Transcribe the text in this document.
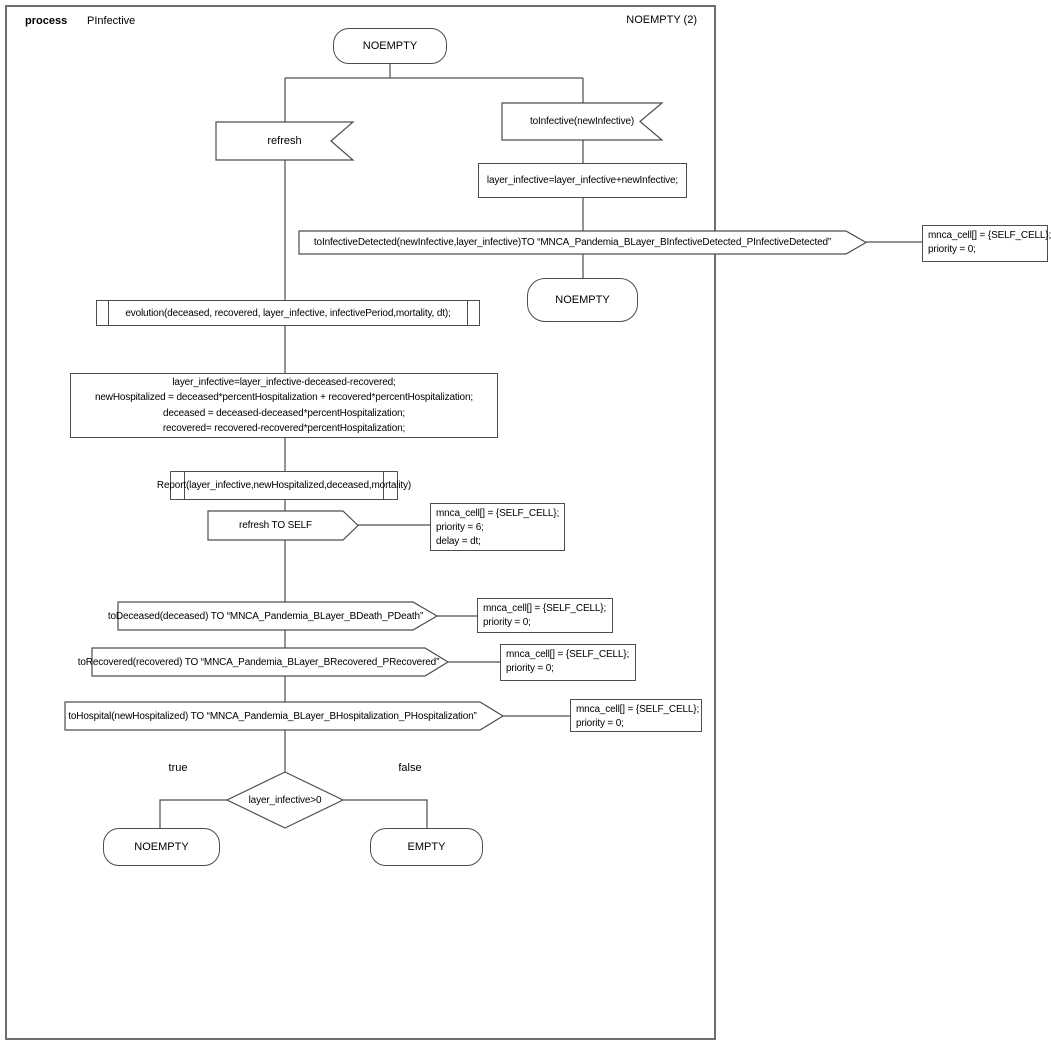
process PInfective	NOEMPTY (2)
NOEMPTY
NOEMPTY
NOEMPTY	EMPTY
refresh
toInfective(newInfective)
layer_infective=layer_infective+newInfective;
toInfectiveDetected(newInfective,layer_infective)TO “MNCA_Pandemia_BLayer_BInfectiveDetected_PInfectiveDetected”
evolution(deceased, recovered, layer_infective, infectivePeriod,mortality, dt);
layer_infective=layer_infective-deceased-recovered;
newHospitalized = deceased*percentHospitalization + recovered*percentHospitalization;
deceased = deceased-deceased*percentHospitalization;
recovered= recovered-recovered*percentHospitalization;
Report(layer_infective,newHospitalized,deceased,mortality)
refresh TO SELF
toDeceased(deceased) TO “MNCA_Pandemia_BLayer_BDeath_PDeath”
toRecovered(recovered) TO “MNCA_Pandemia_BLayer_BRecovered_PRecovered”
toHospital(newHospitalized) TO “MNCA_Pandemia_BLayer_BHospitalization_PHospitalization”
layer_infective>0
true	false
mnca_cell[] = {SELF_CELL};
priority = 0;
mnca_cell[] = {SELF_CELL};
priority = 6;
delay = dt;
mnca_cell[] = {SELF_CELL};
priority = 0;
mnca_cell[] = {SELF_CELL};
priority = 0;
mnca_cell[] = {SELF_CELL};
priority = 0;
